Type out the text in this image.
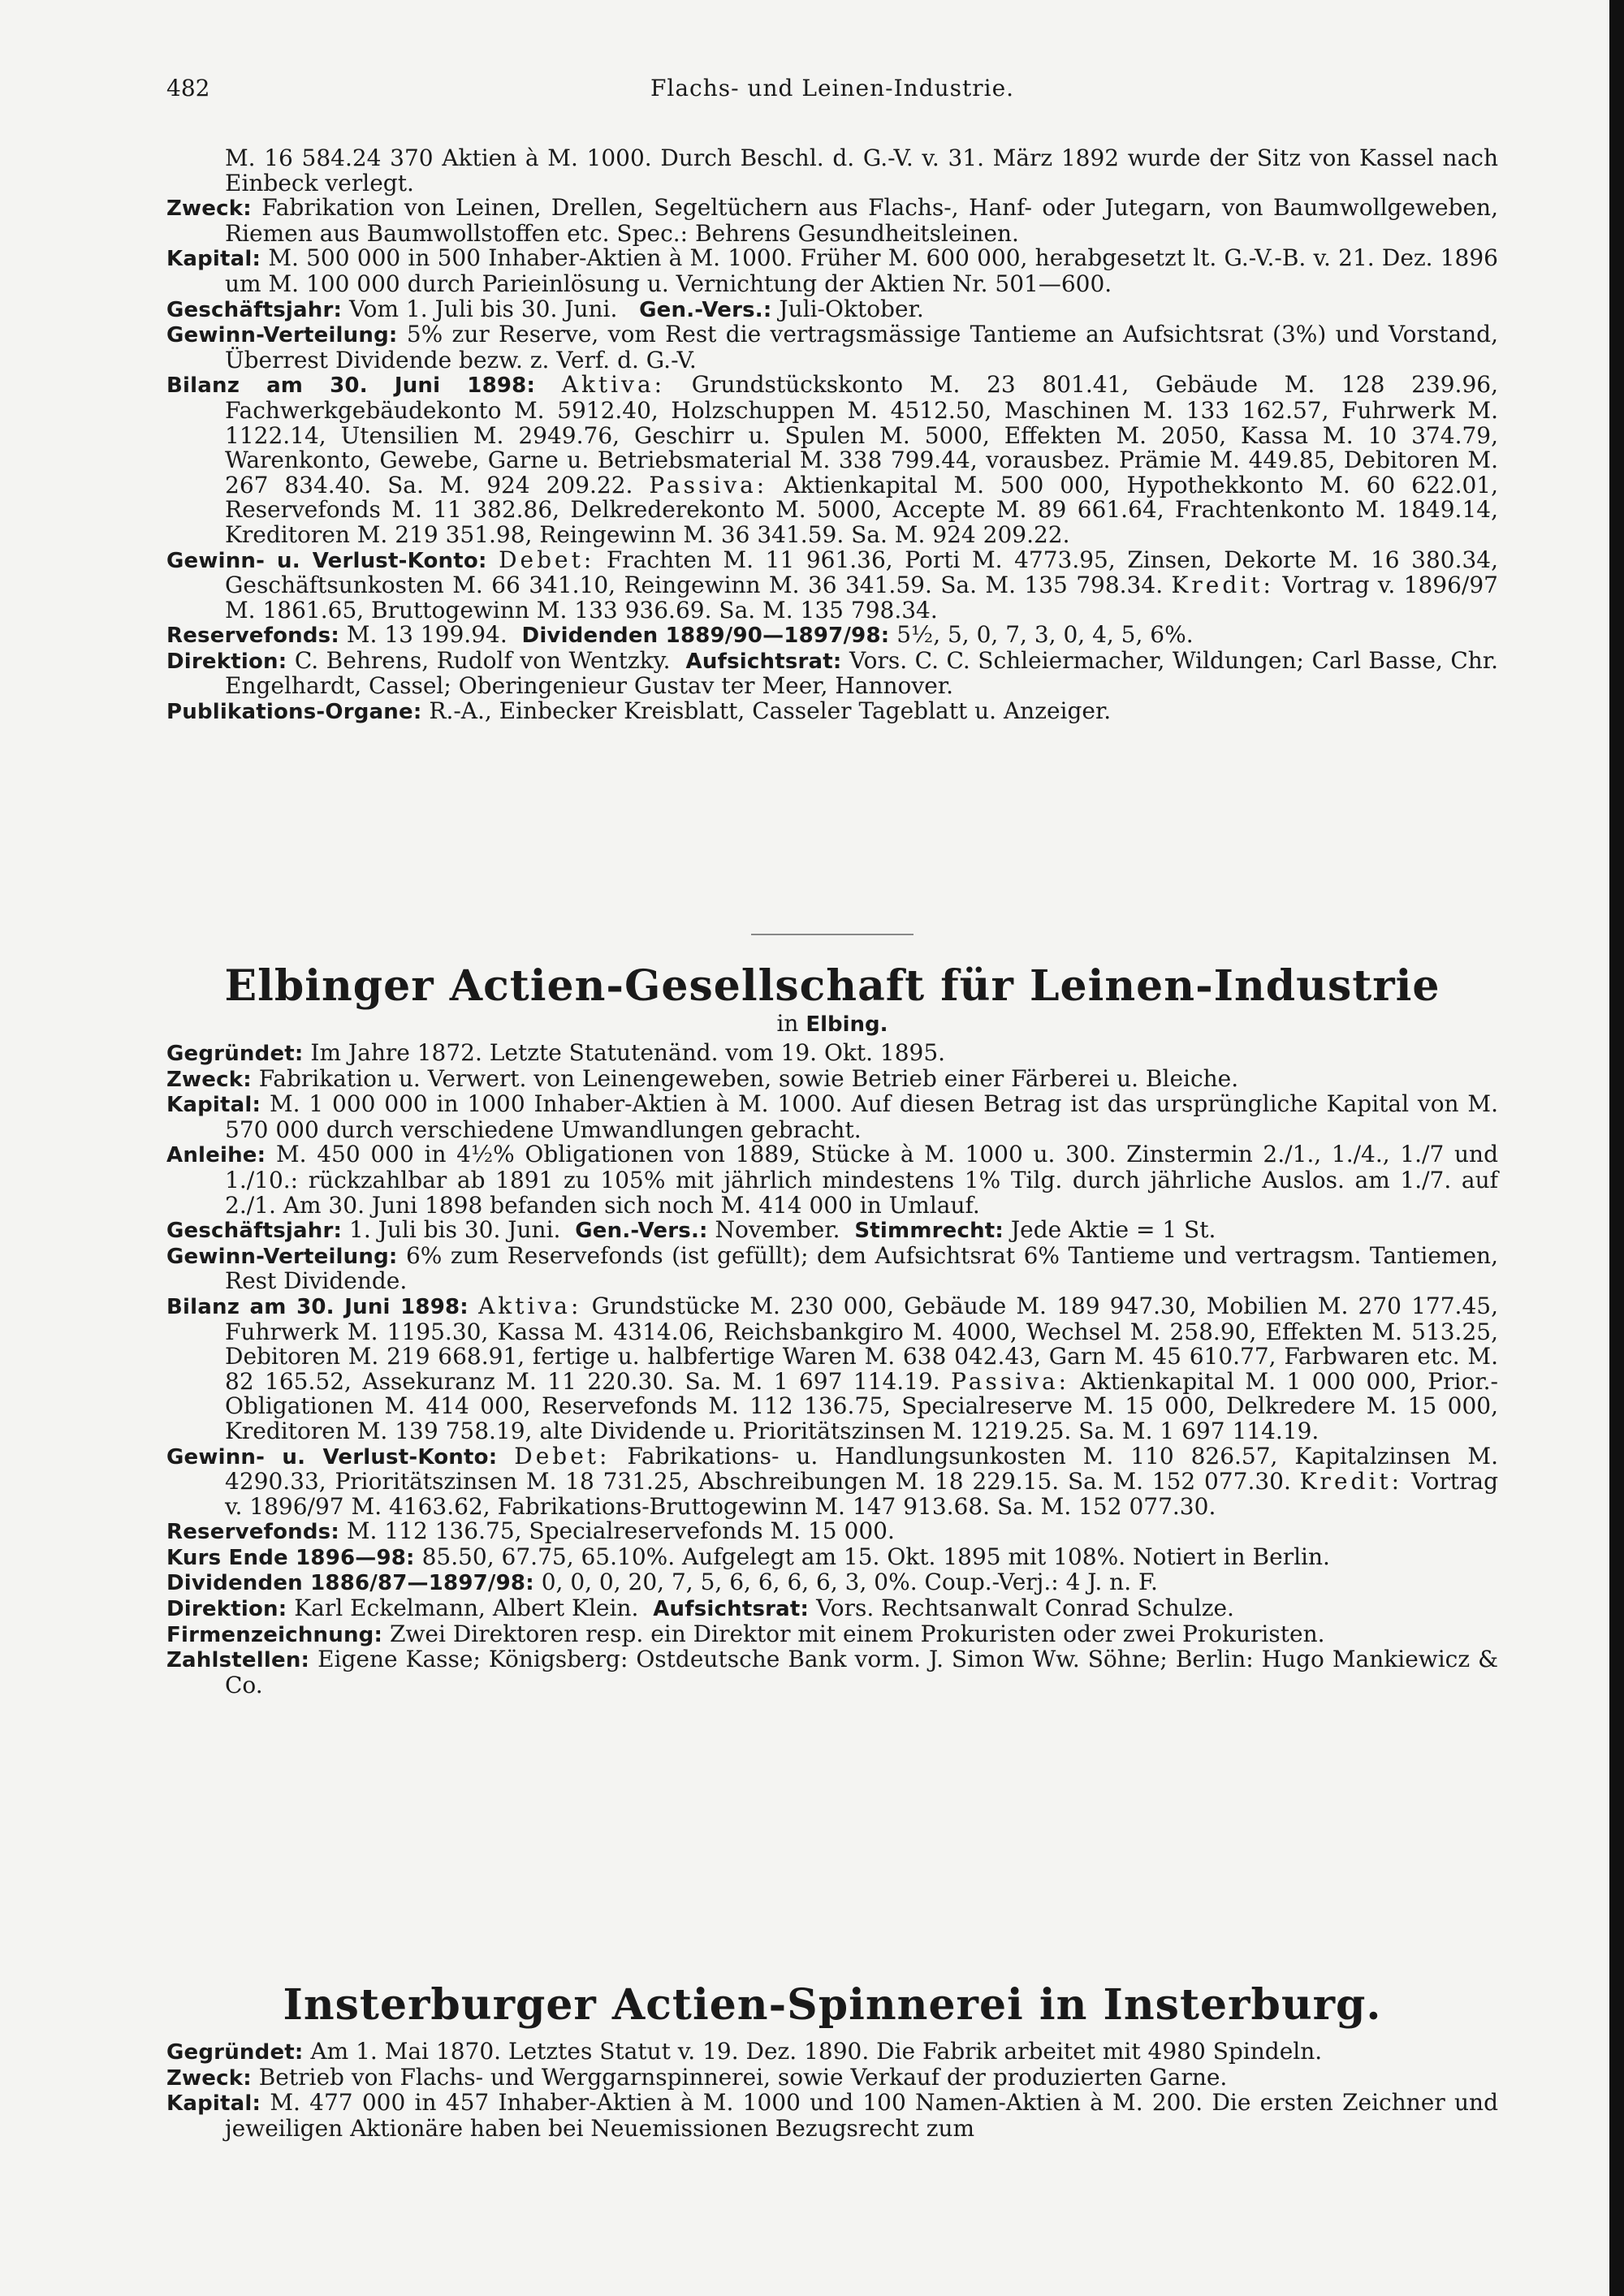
482	Flachs- und Leinen-Industrie.
M. 16 584.24 370 Aktien à M. 1000. Durch Beschl. d. G.-V. v. 31. März 1892 wurde der Sitz von Kassel nach Einbeck verlegt.
Zweck: Fabrikation von Leinen, Drellen, Segeltüchern aus Flachs-, Hanf- oder Jutegarn, von Baumwollgeweben, Riemen aus Baumwollstoffen etc. Spec.: Behrens Gesundheitsleinen.
Kapital: M. 500 000 in 500 Inhaber-Aktien à M. 1000. Früher M. 600 000, herabgesetzt lt. G.-V.-B. v. 21. Dez. 1896 um M. 100 000 durch Parieinlösung u. Vernichtung der Aktien Nr. 501—600.
Geschäftsjahr: Vom 1. Juli bis 30. Juni. Gen.-Vers.: Juli-Oktober.
Gewinn-Verteilung: 5% zur Reserve, vom Rest die vertragsmässige Tantieme an Aufsichtsrat (3%) und Vorstand, Überrest Dividende bezw. z. Verf. d. G.-V.
Bilanz am 30. Juni 1898: Aktiva: Grundstückskonto M. 23 801.41, Gebäude M. 128 239.96, Fachwerkgebäudekonto M. 5912.40, Holzschuppen M. 4512.50, Maschinen M. 133 162.57, Fuhrwerk M. 1122.14, Utensilien M. 2949.76, Geschirr u. Spulen M. 5000, Effekten M. 2050, Kassa M. 10 374.79, Warenkonto, Gewebe, Garne u. Betriebsmaterial M. 338 799.44, vorausbez. Prämie M. 449.85, Debitoren M. 267 834.40. Sa. M. 924 209.22. Passiva: Aktienkapital M. 500 000, Hypothekkonto M. 60 622.01, Reservefonds M. 11 382.86, Delkrederekonto M. 5000, Accepte M. 89 661.64, Frachtenkonto M. 1849.14, Kreditoren M. 219 351.98, Reingewinn M. 36 341.59. Sa. M. 924 209.22.
Gewinn- u. Verlust-Konto: Debet: Frachten M. 11 961.36, Porti M. 4773.95, Zinsen, Dekorte M. 16 380.34, Geschäftsunkosten M. 66 341.10, Reingewinn M. 36 341.59. Sa. M. 135 798.34. Kredit: Vortrag v. 1896/97 M. 1861.65, Bruttogewinn M. 133 936.69. Sa. M. 135 798.34.
Reservefonds: M. 13 199.94. Dividenden 1889/90—1897/98: 5½, 5, 0, 7, 3, 0, 4, 5, 6%.
Direktion: C. Behrens, Rudolf von Wentzky. Aufsichtsrat: Vors. C. C. Schleiermacher, Wildungen; Carl Basse, Chr. Engelhardt, Cassel; Oberingenieur Gustav ter Meer, Hannover.
Publikations-Organe: R.-A., Einbecker Kreisblatt, Casseler Tageblatt u. Anzeiger.
Elbinger Actien-Gesellschaft für Leinen-Industrie

in Elbing.

Gegründet: Im Jahre 1872. Letzte Statutenänd. vom 19. Okt. 1895.
Zweck: Fabrikation u. Verwert. von Leinengeweben, sowie Betrieb einer Färberei u. Bleiche.
Kapital: M. 1 000 000 in 1000 Inhaber-Aktien à M. 1000. Auf diesen Betrag ist das ursprüngliche Kapital von M. 570 000 durch verschiedene Umwandlungen gebracht.
Anleihe: M. 450 000 in 4½% Obligationen von 1889, Stücke à M. 1000 u. 300. Zinstermin 2./1., 1./4., 1./7 und 1./10.: rückzahlbar ab 1891 zu 105% mit jährlich mindestens 1% Tilg. durch jährliche Auslos. am 1./7. auf 2./1. Am 30. Juni 1898 befanden sich noch M. 414 000 in Umlauf.
Geschäftsjahr: 1. Juli bis 30. Juni. Gen.-Vers.: November. Stimmrecht: Jede Aktie = 1 St.
Gewinn-Verteilung: 6% zum Reservefonds (ist gefüllt); dem Aufsichtsrat 6% Tantieme und vertragsm. Tantiemen, Rest Dividende.
Bilanz am 30. Juni 1898: Aktiva: Grundstücke M. 230 000, Gebäude M. 189 947.30, Mobilien M. 270 177.45, Fuhrwerk M. 1195.30, Kassa M. 4314.06, Reichsbankgiro M. 4000, Wechsel M. 258.90, Effekten M. 513.25, Debitoren M. 219 668.91, fertige u. halbfertige Waren M. 638 042.43, Garn M. 45 610.77, Farbwaren etc. M. 82 165.52, Assekuranz M. 11 220.30. Sa. M. 1 697 114.19. Passiva: Aktienkapital M. 1 000 000, Prior.-Obligationen M. 414 000, Reservefonds M. 112 136.75, Specialreserve M. 15 000, Delkredere M. 15 000, Kreditoren M. 139 758.19, alte Dividende u. Prioritätszinsen M. 1219.25. Sa. M. 1 697 114.19.
Gewinn- u. Verlust-Konto: Debet: Fabrikations- u. Handlungsunkosten M. 110 826.57, Kapitalzinsen M. 4290.33, Prioritätszinsen M. 18 731.25, Abschreibungen M. 18 229.15. Sa. M. 152 077.30. Kredit: Vortrag v. 1896/97 M. 4163.62, Fabrikations-Bruttogewinn M. 147 913.68. Sa. M. 152 077.30.
Reservefonds: M. 112 136.75, Specialreservefonds M. 15 000.
Kurs Ende 1896—98: 85.50, 67.75, 65.10%. Aufgelegt am 15. Okt. 1895 mit 108%. Notiert in Berlin.
Dividenden 1886/87—1897/98: 0, 0, 0, 20, 7, 5, 6, 6, 6, 6, 3, 0%. Coup.-Verj.: 4 J. n. F.
Direktion: Karl Eckelmann, Albert Klein. Aufsichtsrat: Vors. Rechtsanwalt Conrad Schulze.
Firmenzeichnung: Zwei Direktoren resp. ein Direktor mit einem Prokuristen oder zwei Prokuristen.
Zahlstellen: Eigene Kasse; Königsberg: Ostdeutsche Bank vorm. J. Simon Ww. Söhne; Berlin: Hugo Mankiewicz & Co.
Insterburger Actien-Spinnerei in Insterburg.
Gegründet: Am 1. Mai 1870. Letztes Statut v. 19. Dez. 1890. Die Fabrik arbeitet mit 4980 Spindeln.
Zweck: Betrieb von Flachs- und Werggarnspinnerei, sowie Verkauf der produzierten Garne.
Kapital: M. 477 000 in 457 Inhaber-Aktien à M. 1000 und 100 Namen-Aktien à M. 200. Die ersten Zeichner und jeweiligen Aktionäre haben bei Neuemissionen Bezugsrecht zum
